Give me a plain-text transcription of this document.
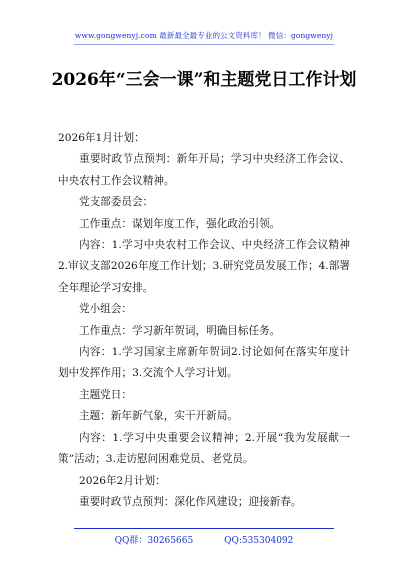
www.gongwenyj.com 最新最全最专业的公文资料库！ 微信：gongwenyj
2026年“三会一课”和主题党日工作计划

2026年1月计划：

重要时政节点预判：新年开局；学习中央经济工作会议、中央农村工作会议精神。

党支部委员会：

工作重点：谋划年度工作，强化政治引领。

内容：1.学习中央农村工作会议、中央经济工作会议精神2.审议支部2026年度工作计划；3.研究党员发展工作；4.部署全年理论学习安排。

党小组会：

工作重点：学习新年贺词，明确目标任务。

内容：1.学习国家主席新年贺词2.讨论如何在落实年度计划中发挥作用；3.交流个人学习计划。

主题党日：

主题：新年新气象，实干开新局。

内容：1.学习中央重要会议精神；2.开展“我为发展献一策”活动；3.走访慰问困难党员、老党员。

2026年2月计划：

重要时政节点预判：深化作风建设；迎接新春。

QQ群：30265665	QQ:535304092
